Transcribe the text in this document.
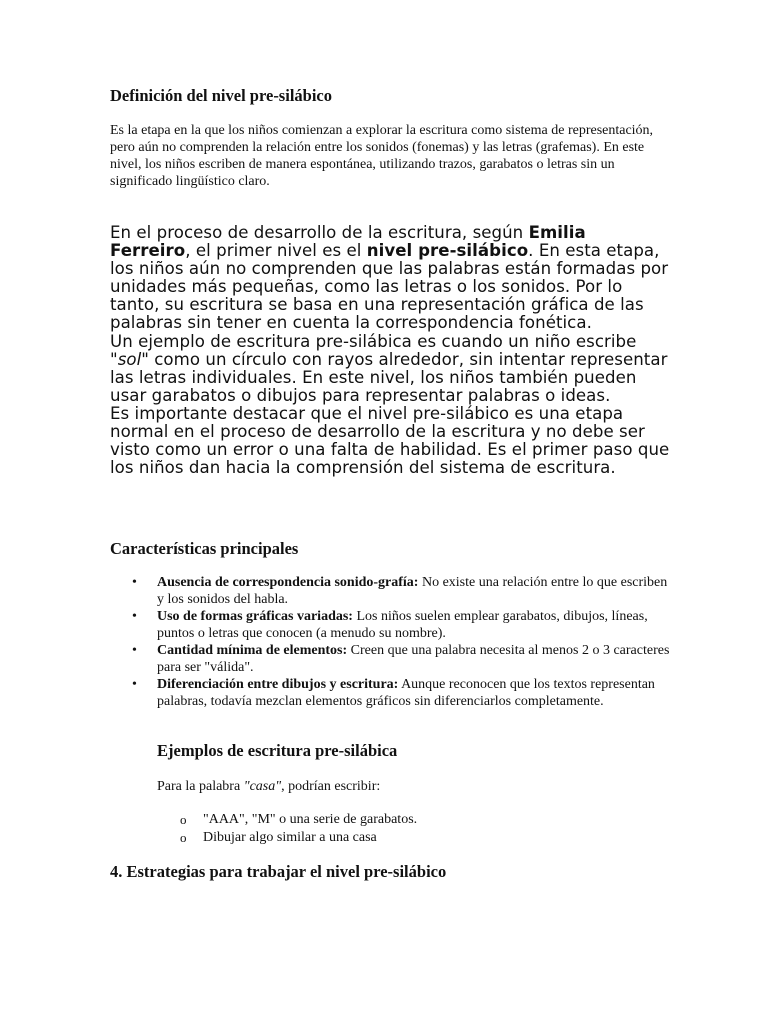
Definición del nivel pre-silábico

Es la etapa en la que los niños comienzan a explorar la escritura como sistema de representación, pero aún no comprenden la relación entre los sonidos (fonemas) y las letras (grafemas). En este nivel, los niños escriben de manera espontánea, utilizando trazos, garabatos o letras sin un significado lingüístico claro.

En el proceso de desarrollo de la escritura, según Emilia Ferreiro, el primer nivel es el nivel pre-silábico. En esta etapa, los niños aún no comprenden que las palabras están formadas por unidades más pequeñas, como las letras o los sonidos. Por lo tanto, su escritura se basa en una representación gráfica de las palabras sin tener en cuenta la correspondencia fonética.

Un ejemplo de escritura pre-silábica es cuando un niño escribe "sol" como un círculo con rayos alrededor, sin intentar representar las letras individuales. En este nivel, los niños también pueden usar garabatos o dibujos para representar palabras o ideas.

Es importante destacar que el nivel pre-silábico es una etapa normal en el proceso de desarrollo de la escritura y no debe ser visto como un error o una falta de habilidad. Es el primer paso que los niños dan hacia la comprensión del sistema de escritura.

Características principales
• Ausencia de correspondencia sonido-grafía: No existe una relación entre lo que escriben y los sonidos del habla.
• Uso de formas gráficas variadas: Los niños suelen emplear garabatos, dibujos, líneas, puntos o letras que conocen (a menudo su nombre).
• Cantidad mínima de elementos: Creen que una palabra necesita al menos 2 o 3 caracteres para ser "válida".
• Diferenciación entre dibujos y escritura: Aunque reconocen que los textos representan palabras, todavía mezclan elementos gráficos sin diferenciarlos completamente.
Ejemplos de escritura pre-silábica

Para la palabra "casa", podrían escribir:

o "AAA", "M" o una serie de garabatos.
o Dibujar algo similar a una casa
4. Estrategias para trabajar el nivel pre-silábico
